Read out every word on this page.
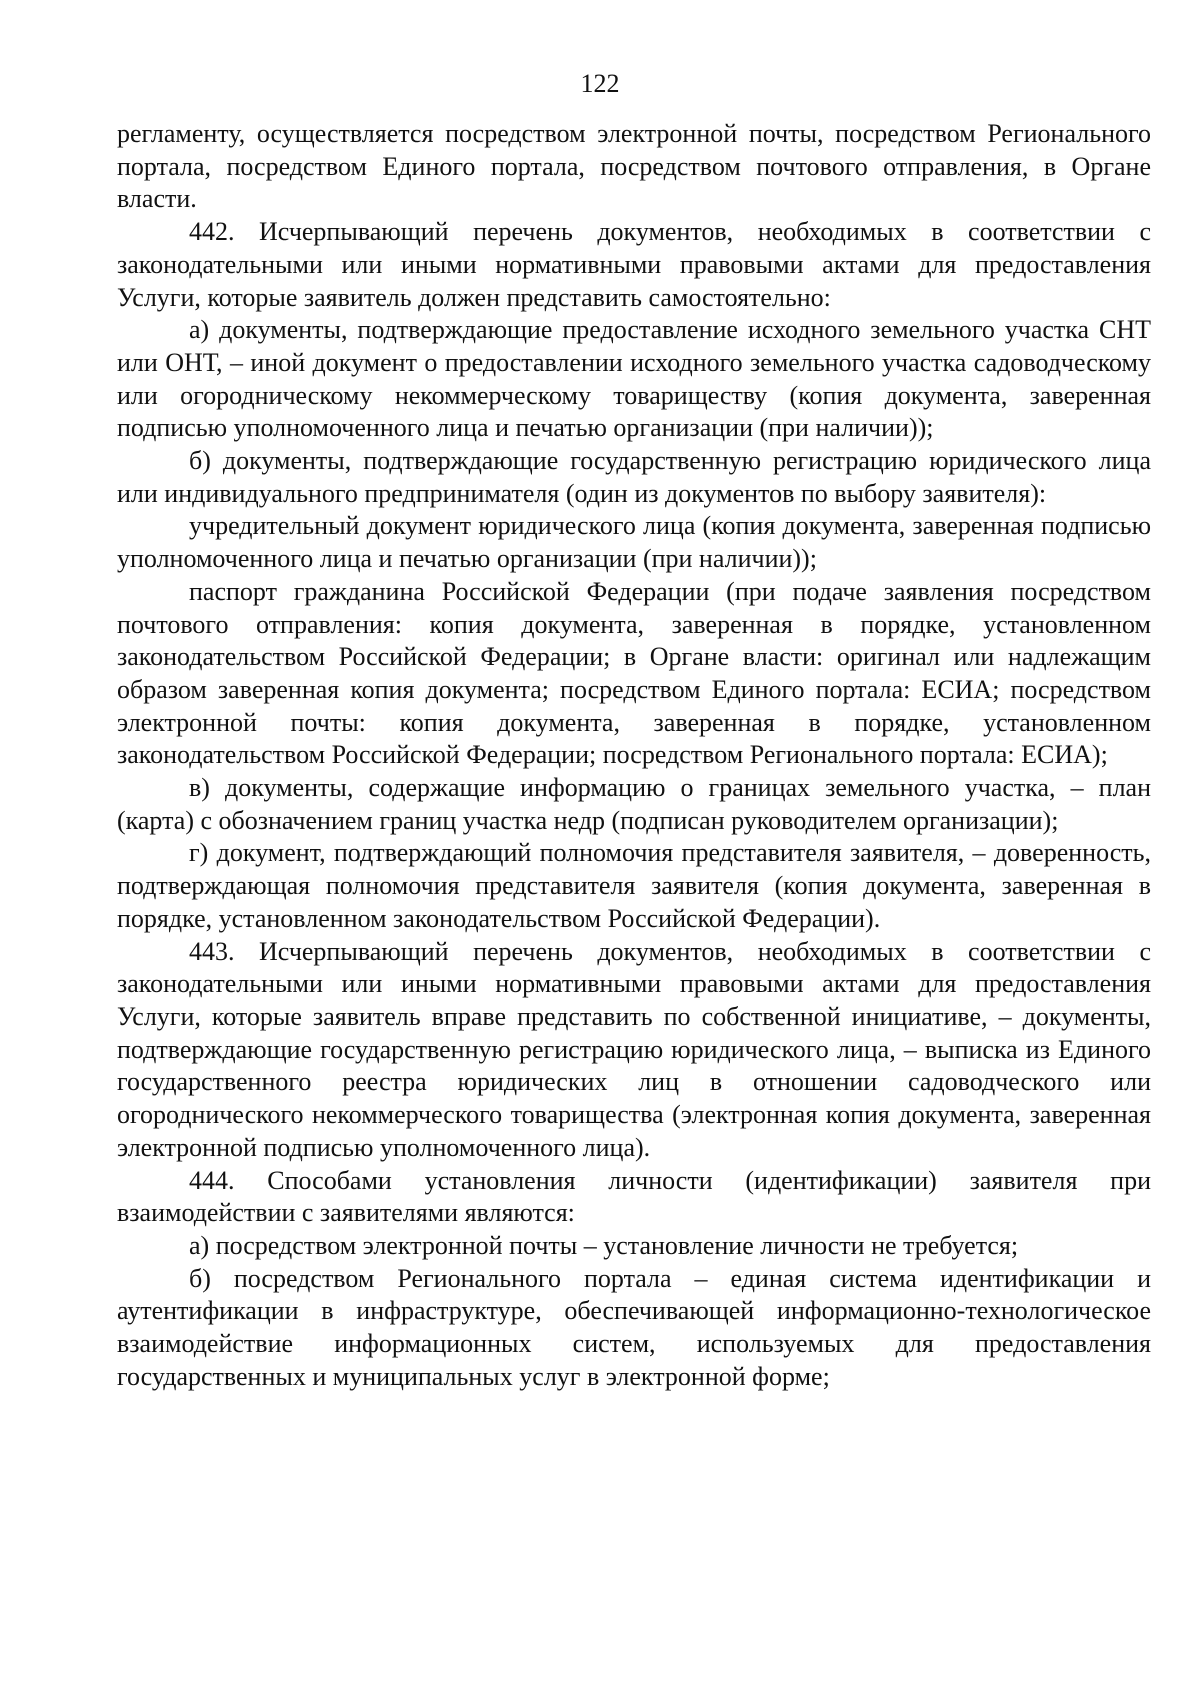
122

регламенту, осуществляется посредством электронной почты, посредством Регионального портала, посредством Единого портала, посредством почтового отправления, в Органе власти.

442. Исчерпывающий перечень документов, необходимых в соответствии с законодательными или иными нормативными правовыми актами для предоставления Услуги, которые заявитель должен представить самостоятельно:

а) документы, подтверждающие предоставление исходного земельного участка СНТ или ОНТ, – иной документ о предоставлении исходного земельного участка садоводческому или огородническому некоммерческому товариществу (копия документа, заверенная подписью уполномоченного лица и печатью организации (при наличии));

б) документы, подтверждающие государственную регистрацию юридического лица или индивидуального предпринимателя (один из документов по выбору заявителя):

учредительный документ юридического лица (копия документа, заверенная подписью уполномоченного лица и печатью организации (при наличии));

паспорт гражданина Российской Федерации (при подаче заявления посредством почтового отправления: копия документа, заверенная в порядке, установленном законодательством Российской Федерации; в Органе власти: оригинал или надлежащим образом заверенная копия документа; посредством Единого портала: ЕСИА; посредством электронной почты: копия документа, заверенная в порядке, установленном законодательством Российской Федерации; посредством Регионального портала: ЕСИА);

в) документы, содержащие информацию о границах земельного участка, – план (карта) с обозначением границ участка недр (подписан руководителем организации);

г) документ, подтверждающий полномочия представителя заявителя, – доверенность, подтверждающая полномочия представителя заявителя (копия документа, заверенная в порядке, установленном законодательством Российской Федерации).

443. Исчерпывающий перечень документов, необходимых в соответствии с законодательными или иными нормативными правовыми актами для предоставления Услуги, которые заявитель вправе представить по собственной инициативе, – документы, подтверждающие государственную регистрацию юридического лица, – выписка из Единого государственного реестра юридических лиц в отношении садоводческого или огороднического некоммерческого товарищества (электронная копия документа, заверенная электронной подписью уполномоченного лица).

444. Способами установления личности (идентификации) заявителя при взаимодействии с заявителями являются:

а) посредством электронной почты – установление личности не требуется;

б) посредством Регионального портала – единая система идентификации и аутентификации в инфраструктуре, обеспечивающей информационно-технологическое взаимодействие информационных систем, используемых для предоставления государственных и муниципальных услуг в электронной форме;
